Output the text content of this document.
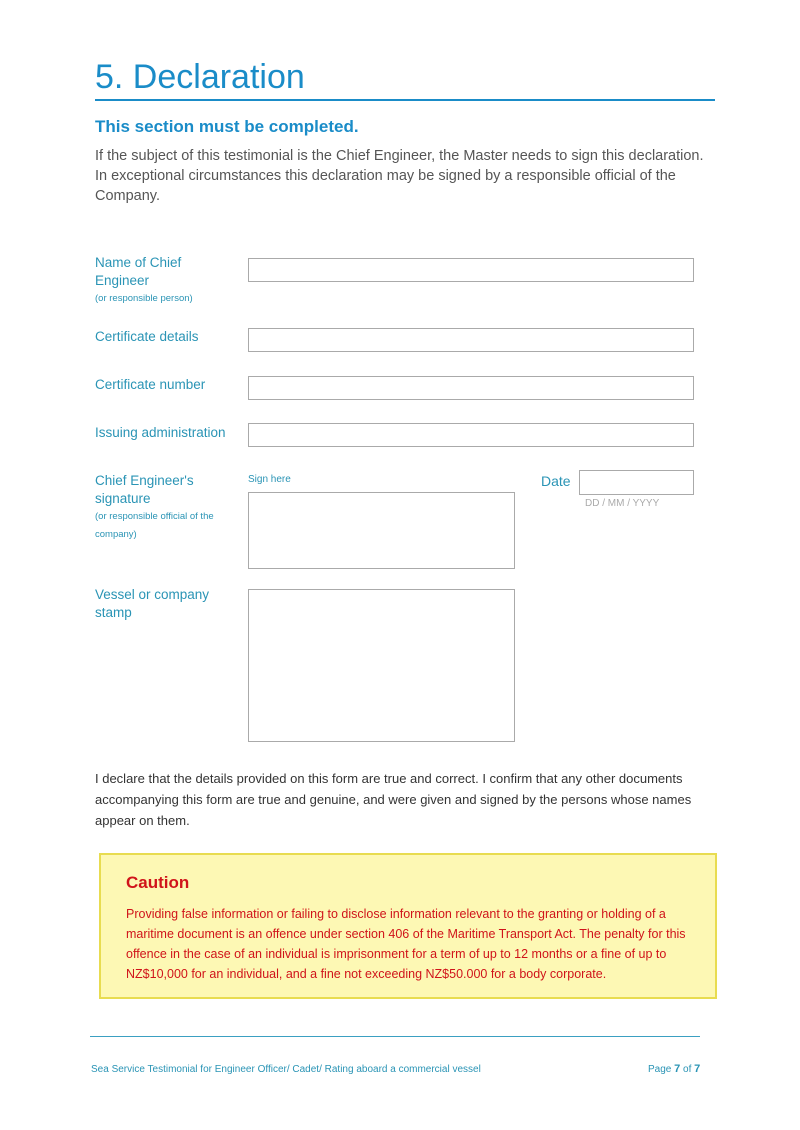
5. Declaration
This section must be completed.
If the subject of this testimonial is the Chief Engineer, the Master needs to sign this declaration. In exceptional circumstances this declaration may be signed by a responsible official of the Company.
Name of Chief Engineer
(or responsible person)
Certificate details
Certificate number
Issuing administration
Chief Engineer's signature
(or responsible official of the company)
Sign here	Date
DD / MM / YYYY
Vessel or company stamp
I declare that the details provided on this form are true and correct. I confirm that any other documents accompanying this form are true and genuine, and were given and signed by the persons whose names appear on them.
Caution

Providing false information or failing to disclose information relevant to the granting or holding of a maritime document is an offence under section 406 of the Maritime Transport Act. The penalty for this offence in the case of an individual is imprisonment for a term of up to 12 months or a fine of up to NZ$10,000 for an individual, and a fine not exceeding NZ$50.000 for a body corporate.

Sea Service Testimonial for Engineer Officer/ Cadet/ Rating aboard a commercial vessel	Page 7 of 7
